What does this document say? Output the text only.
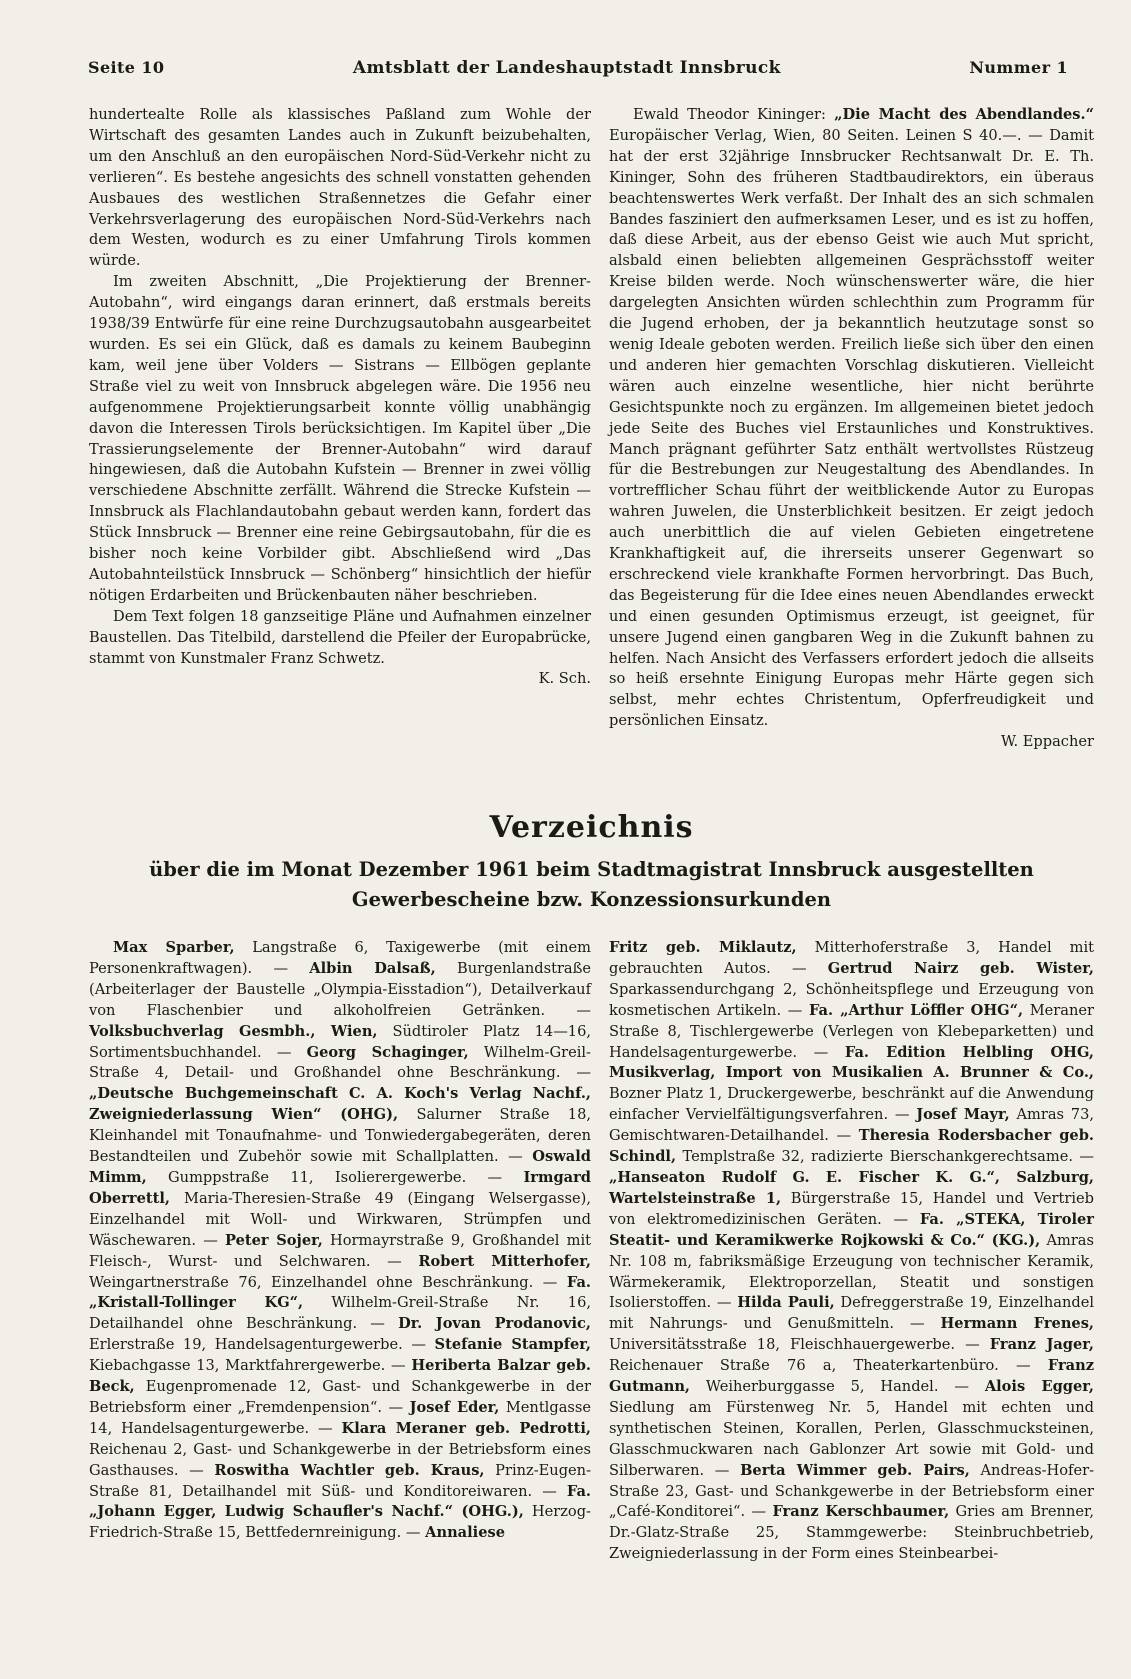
Seite 10	Amtsblatt der Landeshauptstadt Innsbruck	Nummer 1

hundertealte Rolle als klassisches Paßland zum Wohle der Wirtschaft des gesamten Landes auch in Zukunft beizubehalten, um den Anschluß an den europäischen Nord-Süd-Verkehr nicht zu verlieren“. Es bestehe angesichts des schnell vonstatten gehenden Ausbaues des westlichen Straßennetzes die Gefahr einer Verkehrsverlagerung des europäischen Nord-Süd-Verkehrs nach dem Westen, wodurch es zu einer Umfahrung Tirols kommen würde.

Im zweiten Abschnitt, „Die Projektierung der Brenner-Autobahn“, wird eingangs daran erinnert, daß erstmals bereits 1938/39 Entwürfe für eine reine Durchzugsautobahn ausgearbeitet wurden. Es sei ein Glück, daß es damals zu keinem Baubeginn kam, weil jene über Volders — Sistrans — Ellbögen geplante Straße viel zu weit von Innsbruck abgelegen wäre. Die 1956 neu aufgenommene Projektierungsarbeit konnte völlig unabhängig davon die Interessen Tirols berücksichtigen. Im Kapitel über „Die Trassierungselemente der Brenner-Autobahn“ wird darauf hingewiesen, daß die Autobahn Kufstein — Brenner in zwei völlig verschiedene Abschnitte zerfällt. Während die Strecke Kufstein — Innsbruck als Flachlandautobahn gebaut werden kann, fordert das Stück Innsbruck — Brenner eine reine Gebirgsautobahn, für die es bisher noch keine Vorbilder gibt. Abschließend wird „Das Autobahnteilstück Innsbruck — Schönberg“ hinsichtlich der hiefür nötigen Erdarbeiten und Brückenbauten näher beschrieben.

Dem Text folgen 18 ganzseitige Pläne und Aufnahmen einzelner Baustellen. Das Titelbild, darstellend die Pfeiler der Europabrücke, stammt von Kunstmaler Franz Schwetz.

K. Sch.

Ewald Theodor Kininger: „Die Macht des Abendlandes.“ Europäischer Verlag, Wien, 80 Seiten. Leinen S 40.—. — Damit hat der erst 32jährige Innsbrucker Rechtsanwalt Dr. E. Th. Kininger, Sohn des früheren Stadtbaudirektors, ein überaus beachtenswertes Werk verfaßt. Der Inhalt des an sich schmalen Bandes fasziniert den aufmerksamen Leser, und es ist zu hoffen, daß diese Arbeit, aus der ebenso Geist wie auch Mut spricht, alsbald einen beliebten allgemeinen Gesprächsstoff weiter Kreise bilden werde. Noch wünschenswerter wäre, die hier dargelegten Ansichten würden schlechthin zum Programm für die Jugend erhoben, der ja bekanntlich heutzutage sonst so wenig Ideale geboten werden. Freilich ließe sich über den einen und anderen hier gemachten Vorschlag diskutieren. Vielleicht wären auch einzelne wesentliche, hier nicht berührte Gesichtspunkte noch zu ergänzen. Im allgemeinen bietet jedoch jede Seite des Buches viel Erstaunliches und Konstruktives. Manch prägnant geführter Satz enthält wertvollstes Rüstzeug für die Bestrebungen zur Neugestaltung des Abendlandes. In vortrefflicher Schau führt der weitblickende Autor zu Europas wahren Juwelen, die Unsterblichkeit besitzen. Er zeigt jedoch auch unerbittlich die auf vielen Gebieten eingetretene Krankhaftigkeit auf, die ihrerseits unserer Gegenwart so erschreckend viele krankhafte Formen hervorbringt. Das Buch, das Begeisterung für die Idee eines neuen Abendlandes erweckt und einen gesunden Optimismus erzeugt, ist geeignet, für unsere Jugend einen gangbaren Weg in die Zukunft bahnen zu helfen. Nach Ansicht des Verfassers erfordert jedoch die allseits so heiß ersehnte Einigung Europas mehr Härte gegen sich selbst, mehr echtes Christentum, Opferfreudigkeit und persönlichen Einsatz.

W. Eppacher
Verzeichnis
über die im Monat Dezember 1961 beim Stadtmagistrat Innsbruck ausgestellten
Gewerbescheine bzw. Konzessionsurkunden

Max Sparber, Langstraße 6, Taxigewerbe (mit einem Personenkraftwagen). — Albin Dalsaß, Burgenlandstraße (Arbeiterlager der Baustelle „Olympia-Eisstadion“), Detailverkauf von Flaschenbier und alkoholfreien Getränken. — Volksbuchverlag Gesmbh., Wien, Südtiroler Platz 14—16, Sortimentsbuchhandel. — Georg Schaginger, Wilhelm-Greil-Straße 4, Detail- und Großhandel ohne Beschränkung. — „Deutsche Buchgemeinschaft C. A. Koch's Verlag Nachf., Zweigniederlassung Wien“ (OHG), Salurner Straße 18, Kleinhandel mit Tonaufnahme- und Tonwiedergabegeräten, deren Bestandteilen und Zubehör sowie mit Schallplatten. — Oswald Mimm, Gumppstraße 11, Isolierergewerbe. — Irmgard Oberrettl, Maria-Theresien-Straße 49 (Eingang Welsergasse), Einzelhandel mit Woll- und Wirkwaren, Strümpfen und Wäschewaren. — Peter Sojer, Hormayrstraße 9, Großhandel mit Fleisch-, Wurst- und Selchwaren. — Robert Mitterhofer, Weingartnerstraße 76, Einzelhandel ohne Beschränkung. — Fa. „Kristall-Tollinger KG“, Wilhelm-Greil-Straße Nr. 16, Detailhandel ohne Beschränkung. — Dr. Jovan Prodanovic, Erlerstraße 19, Handelsagenturgewerbe. — Stefanie Stampfer, Kiebachgasse 13, Marktfahrergewerbe. — Heriberta Balzar geb. Beck, Eugenpromenade 12, Gast- und Schankgewerbe in der Betriebsform einer „Fremdenpension“. — Josef Eder, Mentlgasse 14, Handelsagenturgewerbe. — Klara Meraner geb. Pedrotti, Reichenau 2, Gast- und Schankgewerbe in der Betriebsform eines Gasthauses. — Roswitha Wachtler geb. Kraus, Prinz-Eugen-Straße 81, Detailhandel mit Süß- und Konditoreiwaren. — Fa. „Johann Egger, Ludwig Schaufler's Nachf.“ (OHG.), Herzog-Friedrich-Straße 15, Bettfedernreinigung. — Annaliese

Fritz geb. Miklautz, Mitterhoferstraße 3, Handel mit gebrauchten Autos. — Gertrud Nairz geb. Wister, Sparkassendurchgang 2, Schönheitspflege und Erzeugung von kosmetischen Artikeln. — Fa. „Arthur Löffler OHG“, Meraner Straße 8, Tischlergewerbe (Verlegen von Klebeparketten) und Handelsagenturgewerbe. — Fa. Edition Helbling OHG, Musikverlag, Import von Musikalien A. Brunner & Co., Bozner Platz 1, Druckergewerbe, beschränkt auf die Anwendung einfacher Vervielfältigungsverfahren. — Josef Mayr, Amras 73, Gemischtwaren-Detailhandel. — Theresia Rodersbacher geb. Schindl, Templstraße 32, radizierte Bierschankgerechtsame. — „Hanseaton Rudolf G. E. Fischer K. G.“, Salzburg, Wartelsteinstraße 1, Bürgerstraße 15, Handel und Vertrieb von elektromedizinischen Geräten. — Fa. „STEKA, Tiroler Steatit- und Keramikwerke Rojkowski & Co.“ (KG.), Amras Nr. 108 m, fabriksmäßige Erzeugung von technischer Keramik, Wärmekeramik, Elektroporzellan, Steatit und sonstigen Isolierstoffen. — Hilda Pauli, Defreggerstraße 19, Einzelhandel mit Nahrungs- und Genußmitteln. — Hermann Frenes, Universitätsstraße 18, Fleischhauergewerbe. — Franz Jager, Reichenauer Straße 76 a, Theaterkartenbüro. — Franz Gutmann, Weiherburggasse 5, Handel. — Alois Egger, Siedlung am Fürstenweg Nr. 5, Handel mit echten und synthetischen Steinen, Korallen, Perlen, Glasschmucksteinen, Glasschmuckwaren nach Gablonzer Art sowie mit Gold- und Silberwaren. — Berta Wimmer geb. Pairs, Andreas-Hofer-Straße 23, Gast- und Schankgewerbe in der Betriebsform einer „Café-Konditorei“. — Franz Kerschbaumer, Gries am Brenner, Dr.-Glatz-Straße 25, Stammgewerbe: Steinbruchbetrieb, Zweigniederlassung in der Form eines Steinbearbei-
